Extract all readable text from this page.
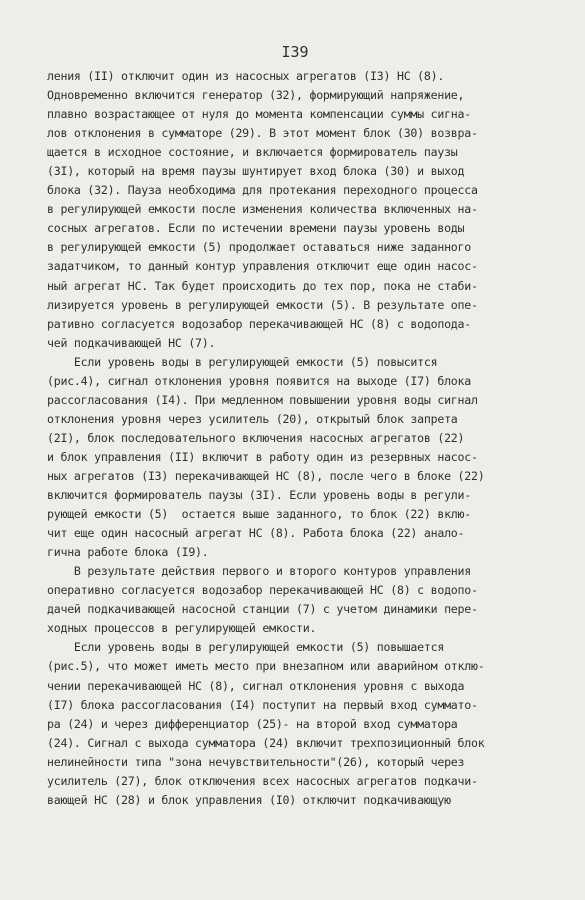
I39
ления (II) отключит один из насосных агрегатов (I3) НС (8).
Одновременно включится генератор (32), формирующий напряжение,
плавно возрастающее от нуля до момента компенсации суммы сигна-
лов отклонения в сумматоре (29). В этот момент блок (30) возвра-
щается в исходное состояние, и включается формирователь паузы
(3I), который на время паузы шунтирует вход блока (30) и выход
блока (32). Пауза необходима для протекания переходного процесса
в регулирующей емкости после изменения количества включенных на-
сосных агрегатов. Если по истечении времени паузы уровень воды
в регулирующей емкости (5) продолжает оставаться ниже заданного
задатчиком, то данный контур управления отключит еще один насос-
ный агрегат НС. Так будет происходить до тех пор, пока не стаби-
лизируется уровень в регулирующей емкости (5). В результате опе-
ративно согласуется водозабор перекачивающей НС (8) с водопода-
чей подкачивающей НС (7).
Если уровень воды в регулирующей емкости (5) повысится
(рис.4), сигнал отклонения уровня появится на выходе (I7) блока
рассогласования (I4). При медленном повышении уровня воды сигнал
отклонения уровня через усилитель (20), открытый блок запрета
(2I), блок последовательного включения насосных агрегатов (22)
и блок управления (II) включит в работу один из резервных насос-
ных агрегатов (I3) перекачивающей НС (8), после чего в блоке (22)
включится формирователь паузы (3I). Если уровень воды в регули-
рующей емкости (5)  остается выше заданного, то блок (22) вклю-
чит еще один насосный агрегат НС (8). Работа блока (22) анало-
гична работе блока (I9).
В результате действия первого и второго контуров управления
оперативно согласуется водозабор перекачивающей НС (8) с водопо-
дачей подкачивающей насосной станции (7) с учетом динамики пере-
ходных процессов в регулирующей емкости.
Если уровень воды в регулирующей емкости (5) повышается
(рис.5), что может иметь место при внезапном или аварийном отклю-
чении перекачивающей НС (8), сигнал отклонения уровня с выхода
(I7) блока рассогласования (I4) поступит на первый вход суммато-
ра (24) и через дифференциатор (25)- на второй вход сумматора
(24). Сигнал с выхода сумматора (24) включит трехпозиционный блок
нелинейности типа "зона нечувствительности"(26), который через
усилитель (27), блок отключения всех насосных агрегатов подкачи-
вающей НС (28) и блок управления (I0) отключит подкачивающую
